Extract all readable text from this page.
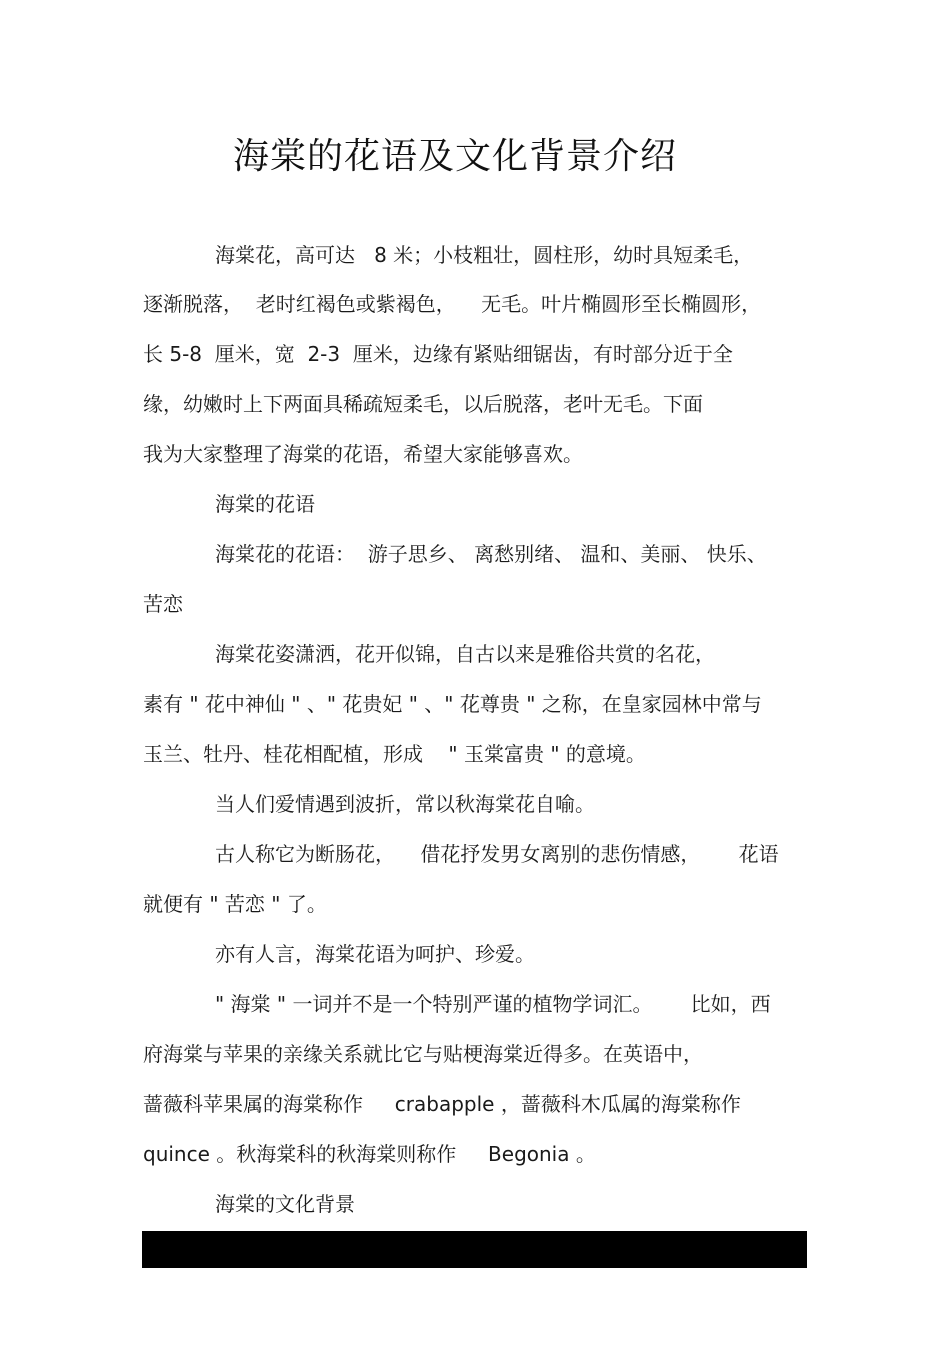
海棠的花语及文化背景介绍
海棠花，高可达   8 米；小枝粗壮，圆柱形，幼时具短柔毛，
逐渐脱落，  老时红褐色或紫褐色，    无毛。叶片椭圆形至长椭圆形，
长 5-8  厘米，宽  2-3  厘米，边缘有紧贴细锯齿，有时部分近于全
缘，幼嫩时上下两面具稀疏短柔毛，以后脱落，老叶无毛。下面
我为大家整理了海棠的花语，希望大家能够喜欢。
海棠的花语
海棠花的花语：  游子思乡、 离愁别绪、 温和、美丽、 快乐、
苦恋
海棠花姿潇洒，花开似锦，自古以来是雅俗共赏的名花，
素有 " 花中神仙 " 、" 花贵妃 " 、" 花尊贵 " 之称，在皇家园林中常与
玉兰、牡丹、桂花相配植，形成    " 玉棠富贵 " 的意境。
当人们爱情遇到波折，常以秋海棠花自喻。
古人称它为断肠花，    借花抒发男女离别的悲伤情感，      花语
就便有 " 苦恋 " 了。
亦有人言，海棠花语为呵护、珍爱。
" 海棠 " 一词并不是一个特别严谨的植物学词汇。      比如，西
府海棠与苹果的亲缘关系就比它与贴梗海棠近得多。在英语中，
蔷薇科苹果属的海棠称作     crabapple ，蔷薇科木瓜属的海棠称作
quince 。秋海棠科的秋海棠则称作     Begonia 。
海棠的文化背景
